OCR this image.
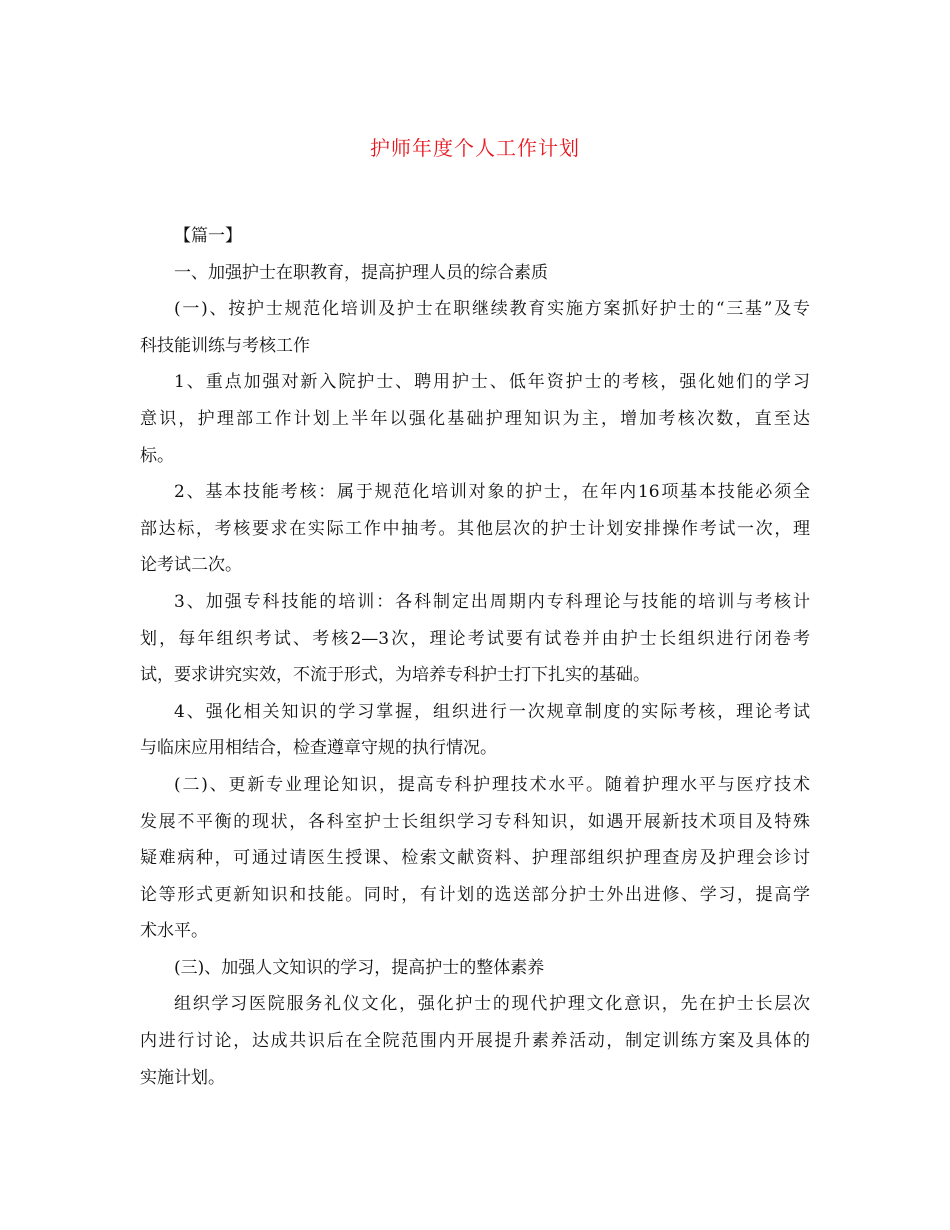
护师年度个人工作计划
【篇一】
一、加强护士在职教育，提高护理人员的综合素质
(一)、按护士规范化培训及护士在职继续教育实施方案抓好护士的“三基”及专
科技能训练与考核工作
1、重点加强对新入院护士、聘用护士、低年资护士的考核，强化她们的学习
意识，护理部工作计划上半年以强化基础护理知识为主，增加考核次数，直至达
标。
2、基本技能考核：属于规范化培训对象的护士，在年内16项基本技能必须全
部达标，考核要求在实际工作中抽考。其他层次的护士计划安排操作考试一次，理
论考试二次。
3、加强专科技能的培训：各科制定出周期内专科理论与技能的培训与考核计
划，每年组织考试、考核2—3次，理论考试要有试卷并由护士长组织进行闭卷考
试，要求讲究实效，不流于形式，为培养专科护士打下扎实的基础。
4、强化相关知识的学习掌握，组织进行一次规章制度的实际考核，理论考试
与临床应用相结合，检查遵章守规的执行情况。
(二)、更新专业理论知识，提高专科护理技术水平。随着护理水平与医疗技术
发展不平衡的现状，各科室护士长组织学习专科知识，如遇开展新技术项目及特殊
疑难病种，可通过请医生授课、检索文献资料、护理部组织护理查房及护理会诊讨
论等形式更新知识和技能。同时，有计划的选送部分护士外出进修、学习，提高学
术水平。
(三)、加强人文知识的学习，提高护士的整体素养
组织学习医院服务礼仪文化，强化护士的现代护理文化意识，先在护士长层次
内进行讨论，达成共识后在全院范围内开展提升素养活动，制定训练方案及具体的
实施计划。
